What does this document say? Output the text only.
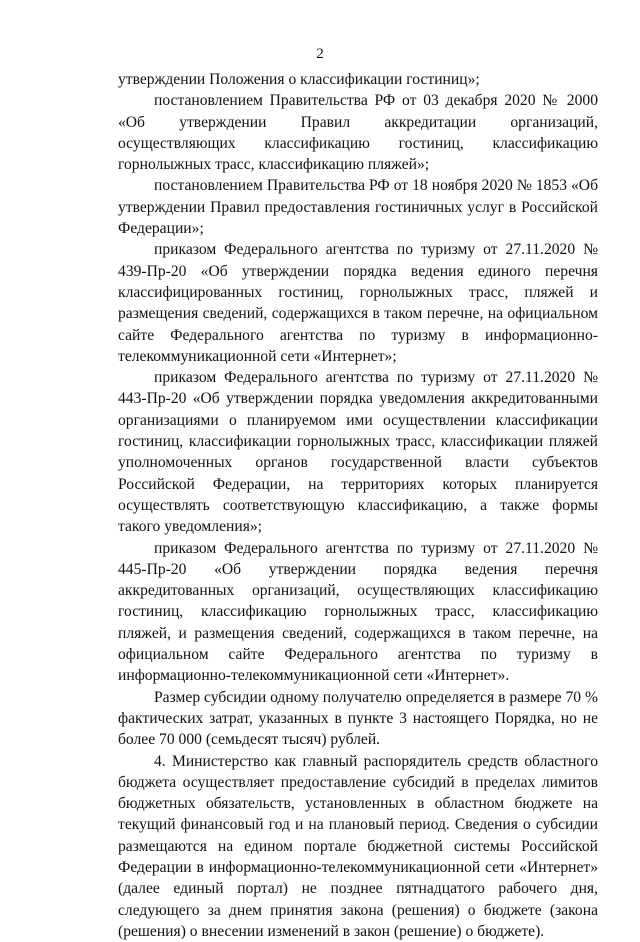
2

утверждении Положения о классификации гостиниц»;

постановлением Правительства РФ от 03 декабря 2020 № 2000 «Об утверждении Правил аккредитации организаций, осуществляющих классификацию гостиниц, классификацию горнолыжных трасс, классификацию пляжей»;

постановлением Правительства РФ от 18 ноября 2020 № 1853 «Об утверждении Правил предоставления гостиничных услуг в Российской Федерации»;

приказом Федерального агентства по туризму от 27.11.2020 № 439-Пр-20 «Об утверждении порядка ведения единого перечня классифицированных гостиниц, горнолыжных трасс, пляжей и размещения сведений, содержащихся в таком перечне, на официальном сайте Федерального агентства по туризму в информационно-телекоммуникационной сети «Интернет»;

приказом Федерального агентства по туризму от 27.11.2020 № 443-Пр-20 «Об утверждении порядка уведомления аккредитованными организациями о планируемом ими осуществлении классификации гостиниц, классификации горнолыжных трасс, классификации пляжей уполномоченных органов государственной власти субъектов Российской Федерации, на территориях которых планируется осуществлять соответствующую классификацию, а также формы такого уведомления»;

приказом Федерального агентства по туризму от 27.11.2020 № 445-Пр-20 «Об утверждении порядка ведения перечня аккредитованных организаций, осуществляющих классификацию гостиниц, классификацию горнолыжных трасс, классификацию пляжей, и размещения сведений, содержащихся в таком перечне, на официальном сайте Федерального агентства по туризму в информационно-телекоммуникационной сети «Интернет».

Размер субсидии одному получателю определяется в размере 70 % фактических затрат, указанных в пункте 3 настоящего Порядка, но не более 70 000 (семьдесят тысяч) рублей.

4. Министерство как главный распорядитель средств областного бюджета осуществляет предоставление субсидий в пределах лимитов бюджетных обязательств, установленных в областном бюджете на текущий финансовый год и на плановый период. Сведения о субсидии размещаются на едином портале бюджетной системы Российской Федерации в информационно-телекоммуникационной сети «Интернет» (далее единый портал) не позднее пятнадцатого рабочего дня, следующего за днем принятия закона (решения) о бюджете (закона (решения) о внесении изменений в закон (решение) о бюджете).
